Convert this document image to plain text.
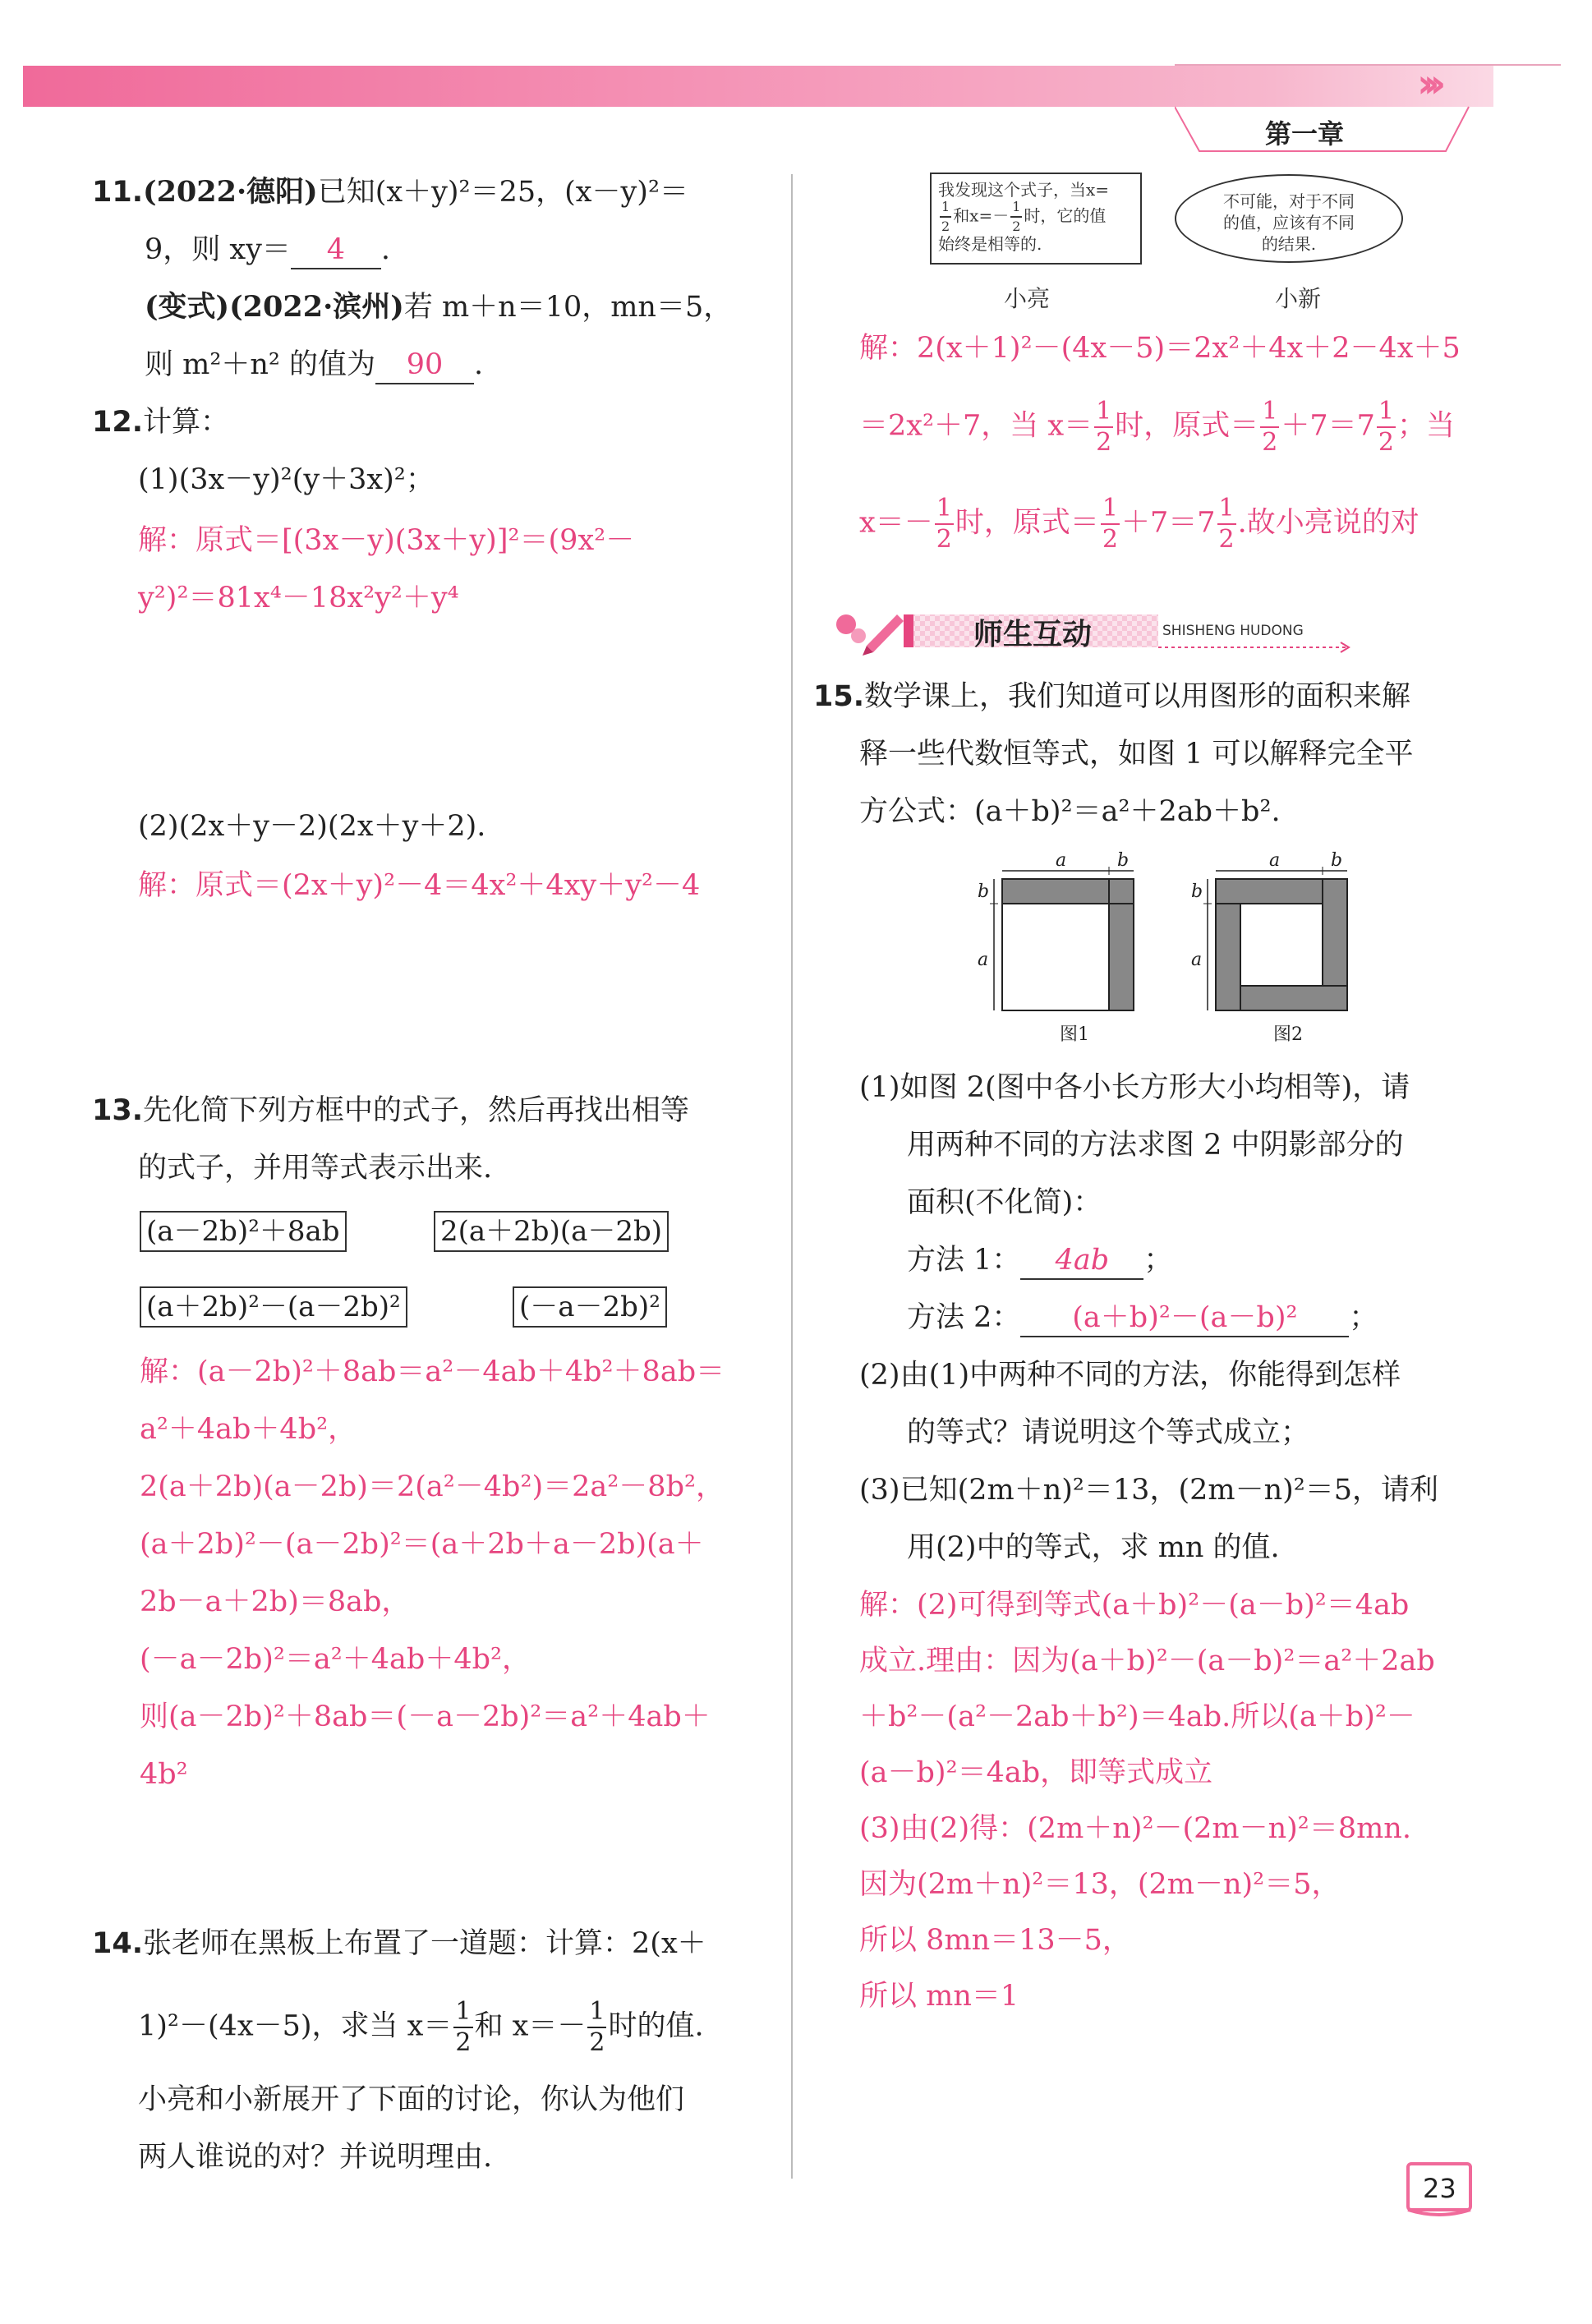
›››
第一章
11.(2022·德阳)已知(x＋y)²＝25，(x－y)²＝
9，则 xy＝ 4 .
(变式)(2022·滨州)若 m＋n＝10，mn＝5，
则 m²＋n² 的值为 90 .
12.计算：
(1)(3x－y)²(y＋3x)²；
解：原式＝[(3x－y)(3x＋y)]²＝(9x²－
y²)²＝81x⁴－18x²y²＋y⁴
(2)(2x＋y－2)(2x＋y＋2).
解：原式＝(2x＋y)²－4＝4x²＋4xy＋y²－4
13.先化简下列方框中的式子，然后再找出相等
的式子，并用等式表示出来.
(a－2b)²＋8ab	2(a＋2b)(a－2b)
(a＋2b)²－(a－2b)²	(－a－2b)²
解：(a－2b)²＋8ab＝a²－4ab＋4b²＋8ab＝
a²＋4ab＋4b²，
2(a＋2b)(a－2b)＝2(a²－4b²)＝2a²－8b²，
(a＋2b)²－(a－2b)²＝(a＋2b＋a－2b)(a＋
2b－a＋2b)＝8ab，
(－a－2b)²＝a²＋4ab＋4b²，
则(a－2b)²＋8ab＝(－a－2b)²＝a²＋4ab＋
4b²
14.张老师在黑板上布置了一道题：计算：2(x＋
1)²－(4x－5)，求当 $x= \frac{1}{2}$ 和 $x=- \frac{1}{2}$ 时的值.
小亮和小新展开了下面的讨论，你认为他们
两人谁说的对？并说明理由.
我发现这个式子，当x=
$\frac{1}{2}$ 和$x=- \frac{1}{2}$ 时，它的值
始终是相等的.
不可能，对于不同
的值，应该有不同
的结果.
小亮	小新
解：2(x＋1)²－(4x－5)＝2x²＋4x＋2－4x＋5
＝2x²＋7，当 $x= \frac{1}{2}$ 时，原式＝ $\frac{1}{2} +7=7 \frac{1}{2}$ ；当
$x=- \frac{1}{2}$ 时，原式＝ $\frac{1}{2} +7=7 \frac{1}{2}$ .故小亮说的对
师生互动	SHISHENG HUDONG
15.数学课上，我们知道可以用图形的面积来解
释一些代数恒等式，如图 1 可以解释完全平
方公式：(a＋b)²＝a²＋2ab＋b².
a	b
b
a
图1
a	b
b
a
图2
(1)如图 2(图中各小长方形大小均相等)，请
用两种不同的方法求图 2 中阴影部分的
面积(不化简)：
方法 1： 4ab ；
方法 2： (a＋b)²－(a－b)² ；
(2)由(1)中两种不同的方法，你能得到怎样
的等式？请说明这个等式成立；
(3)已知(2m＋n)²＝13，(2m－n)²＝5，请利
用(2)中的等式，求 mn 的值.
解：(2)可得到等式(a＋b)²－(a－b)²＝4ab
成立.理由：因为(a＋b)²－(a－b)²＝a²＋2ab
＋b²－(a²－2ab＋b²)＝4ab.所以(a＋b)²－
(a－b)²＝4ab，即等式成立
(3)由(2)得：(2m＋n)²－(2m－n)²＝8mn.
因为(2m＋n)²＝13，(2m－n)²＝5，
所以 8mn＝13－5，
所以 mn＝1
23
